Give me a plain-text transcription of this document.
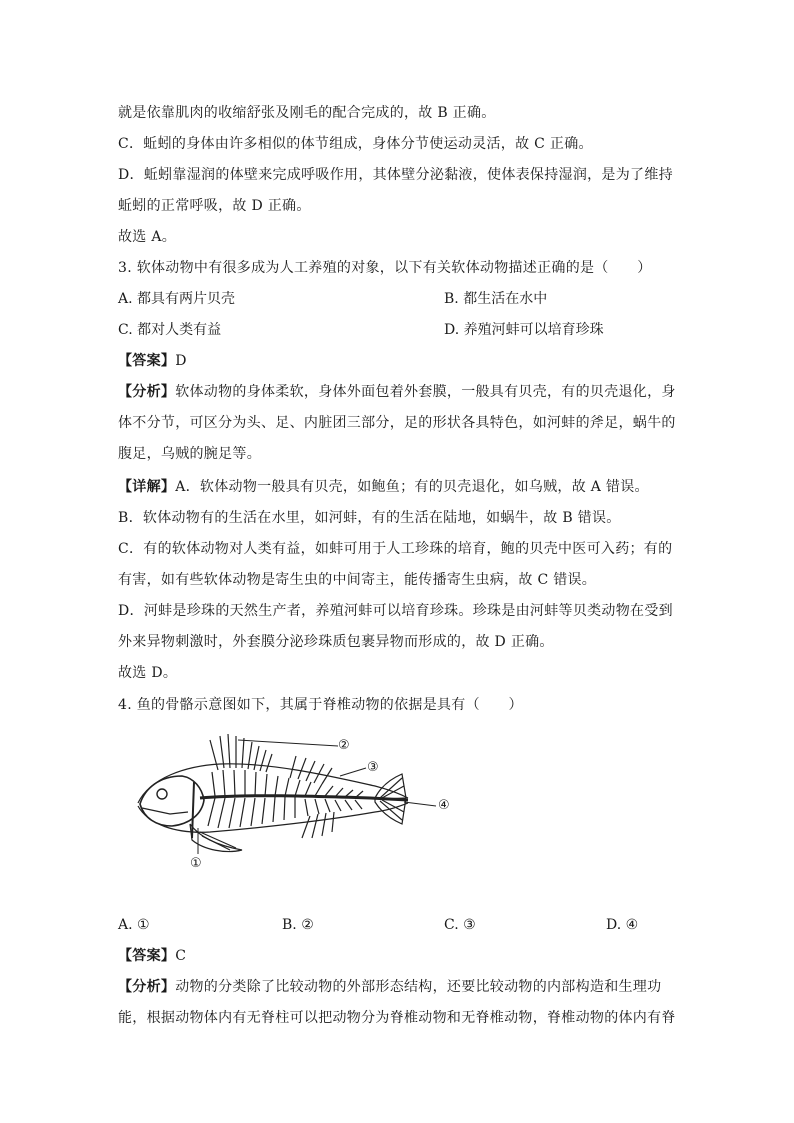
就是依靠肌肉的收缩舒张及刚毛的配合完成的，故 B 正确。
C．蚯蚓的身体由许多相似的体节组成，身体分节使运动灵活，故 C 正确。
D．蚯蚓靠湿润的体壁来完成呼吸作用，其体壁分泌黏液，使体表保持湿润，是为了维持
蚯蚓的正常呼吸，故 D 正确。
故选 A。
3. 软体动物中有很多成为人工养殖的对象，以下有关软体动物描述正确的是（　　）
A. 都具有两片贝壳	B. 都生活在水中
C. 都对人类有益	D. 养殖河蚌可以培育珍珠
【答案】D
【分析】软体动物的身体柔软，身体外面包着外套膜，一般具有贝壳，有的贝壳退化，身
体不分节，可区分为头、足、内脏团三部分，足的形状各具特色，如河蚌的斧足，蜗牛的
腹足，乌贼的腕足等。
【详解】A．软体动物一般具有贝壳，如鲍鱼；有的贝壳退化，如乌贼，故 A 错误。
B．软体动物有的生活在水里，如河蚌，有的生活在陆地，如蜗牛，故 B 错误。
C．有的软体动物对人类有益，如蚌可用于人工珍珠的培育，鲍的贝壳中医可入药；有的
有害，如有些软体动物是寄生虫的中间寄主，能传播寄生虫病，故 C 错误。
D．河蚌是珍珠的天然生产者，养殖河蚌可以培育珍珠。珍珠是由河蚌等贝类动物在受到
外来异物刺激时，外套膜分泌珍珠质包裹异物而形成的，故 D 正确。
故选 D。
4. 鱼的骨骼示意图如下，其属于脊椎动物的依据是具有（　　）
②
③
④
①
A. ①	B. ②	C. ③	D. ④
【答案】C
【分析】动物的分类除了比较动物的外部形态结构，还要比较动物的内部构造和生理功
能，根据动物体内有无脊柱可以把动物分为脊椎动物和无脊椎动物，脊椎动物的体内有脊
